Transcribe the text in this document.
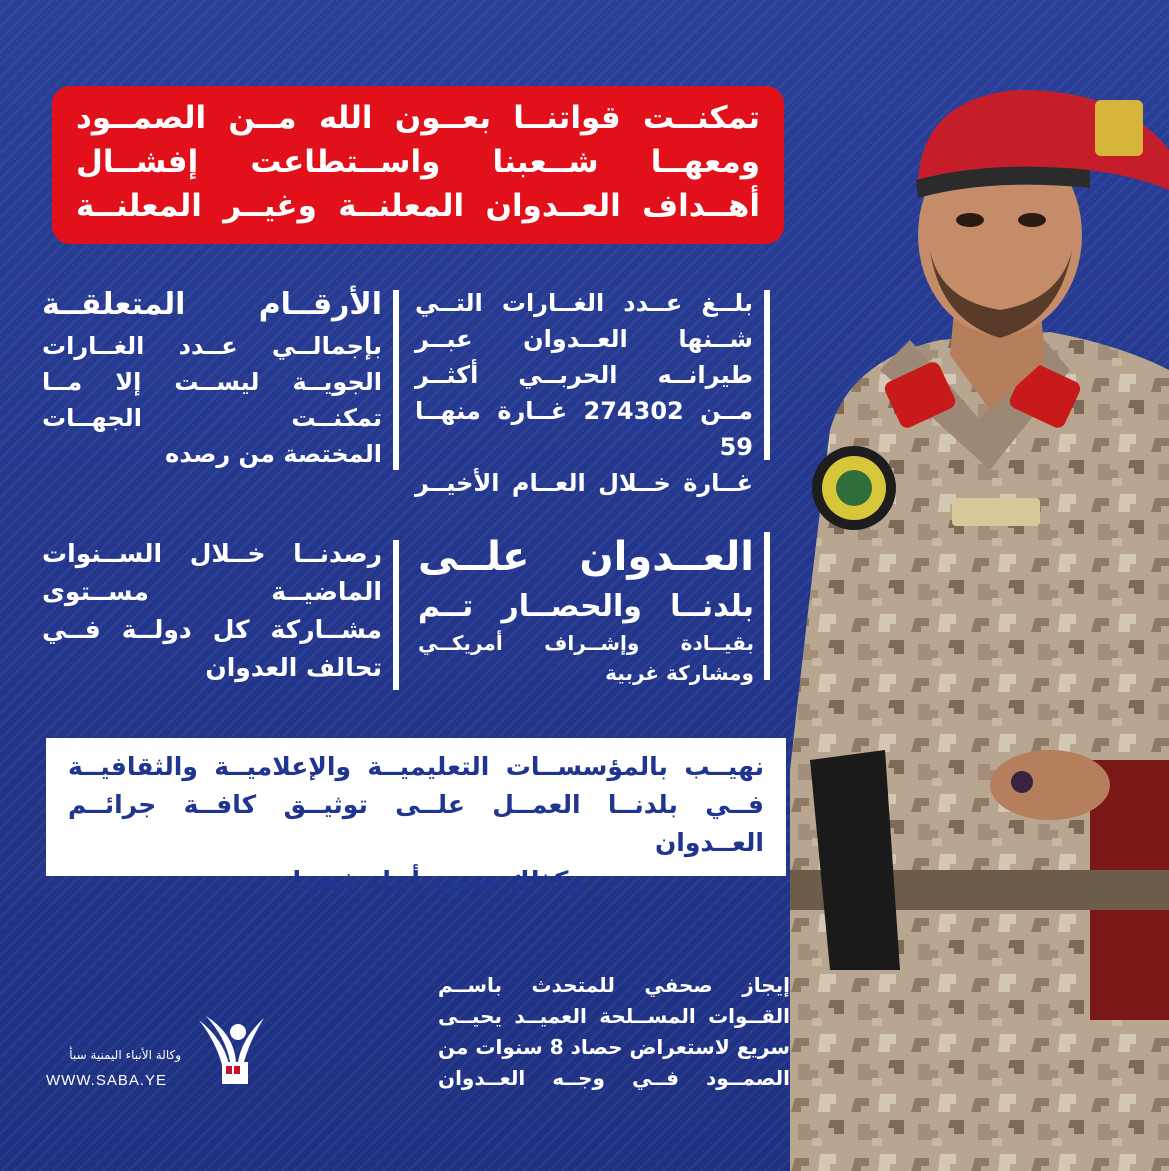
تمكنــت قواتنــا بعــون الله مــن الصمــود
ومعهــا شــعبنا واســتطاعت إفشــال
أهــداف العــدوان المعلنــة وغيــر المعلنــة
بلــغ عــدد الغــارات التــي
شــنها العــدوان عبــر
طيرانــه الحربــي أكثــر
مــن 274302 غــارة منهــا 59
غــارة خــلال العــام الأخيــر
الأرقــام المتعلقــة
بإجمالــي عــدد الغــارات
الجويــة ليســت إلا مــا
تمكنــت الجهــات
المختصة من رصده
العــدوان علــى
بلدنــا والحصــار تــم
بقيــادة وإشــراف أمريكــي
ومشاركة غربية
رصدنــا خــلال الســنوات
الماضيــة مســتوى
مشــاركة كل دولــة فــي
تحالف العدوان
نهيــب بالمؤسســات التعليميــة والإعلاميــة والثقافيــة
فــي بلدنــا العمــل علــى توثيــق كافــة جرائــم العــدوان
وكذلك صمود أبناء شعبنا
إيجاز صحفي للمتحدث باســم
القــوات المســلحة العميــد يحيــى
سريع لاستعراض حصاد 8 سنوات من
الصمــود فــي وجــه العــدوان
وكالة الأنباء اليمنية سبأ
WWW.SABA.YE
